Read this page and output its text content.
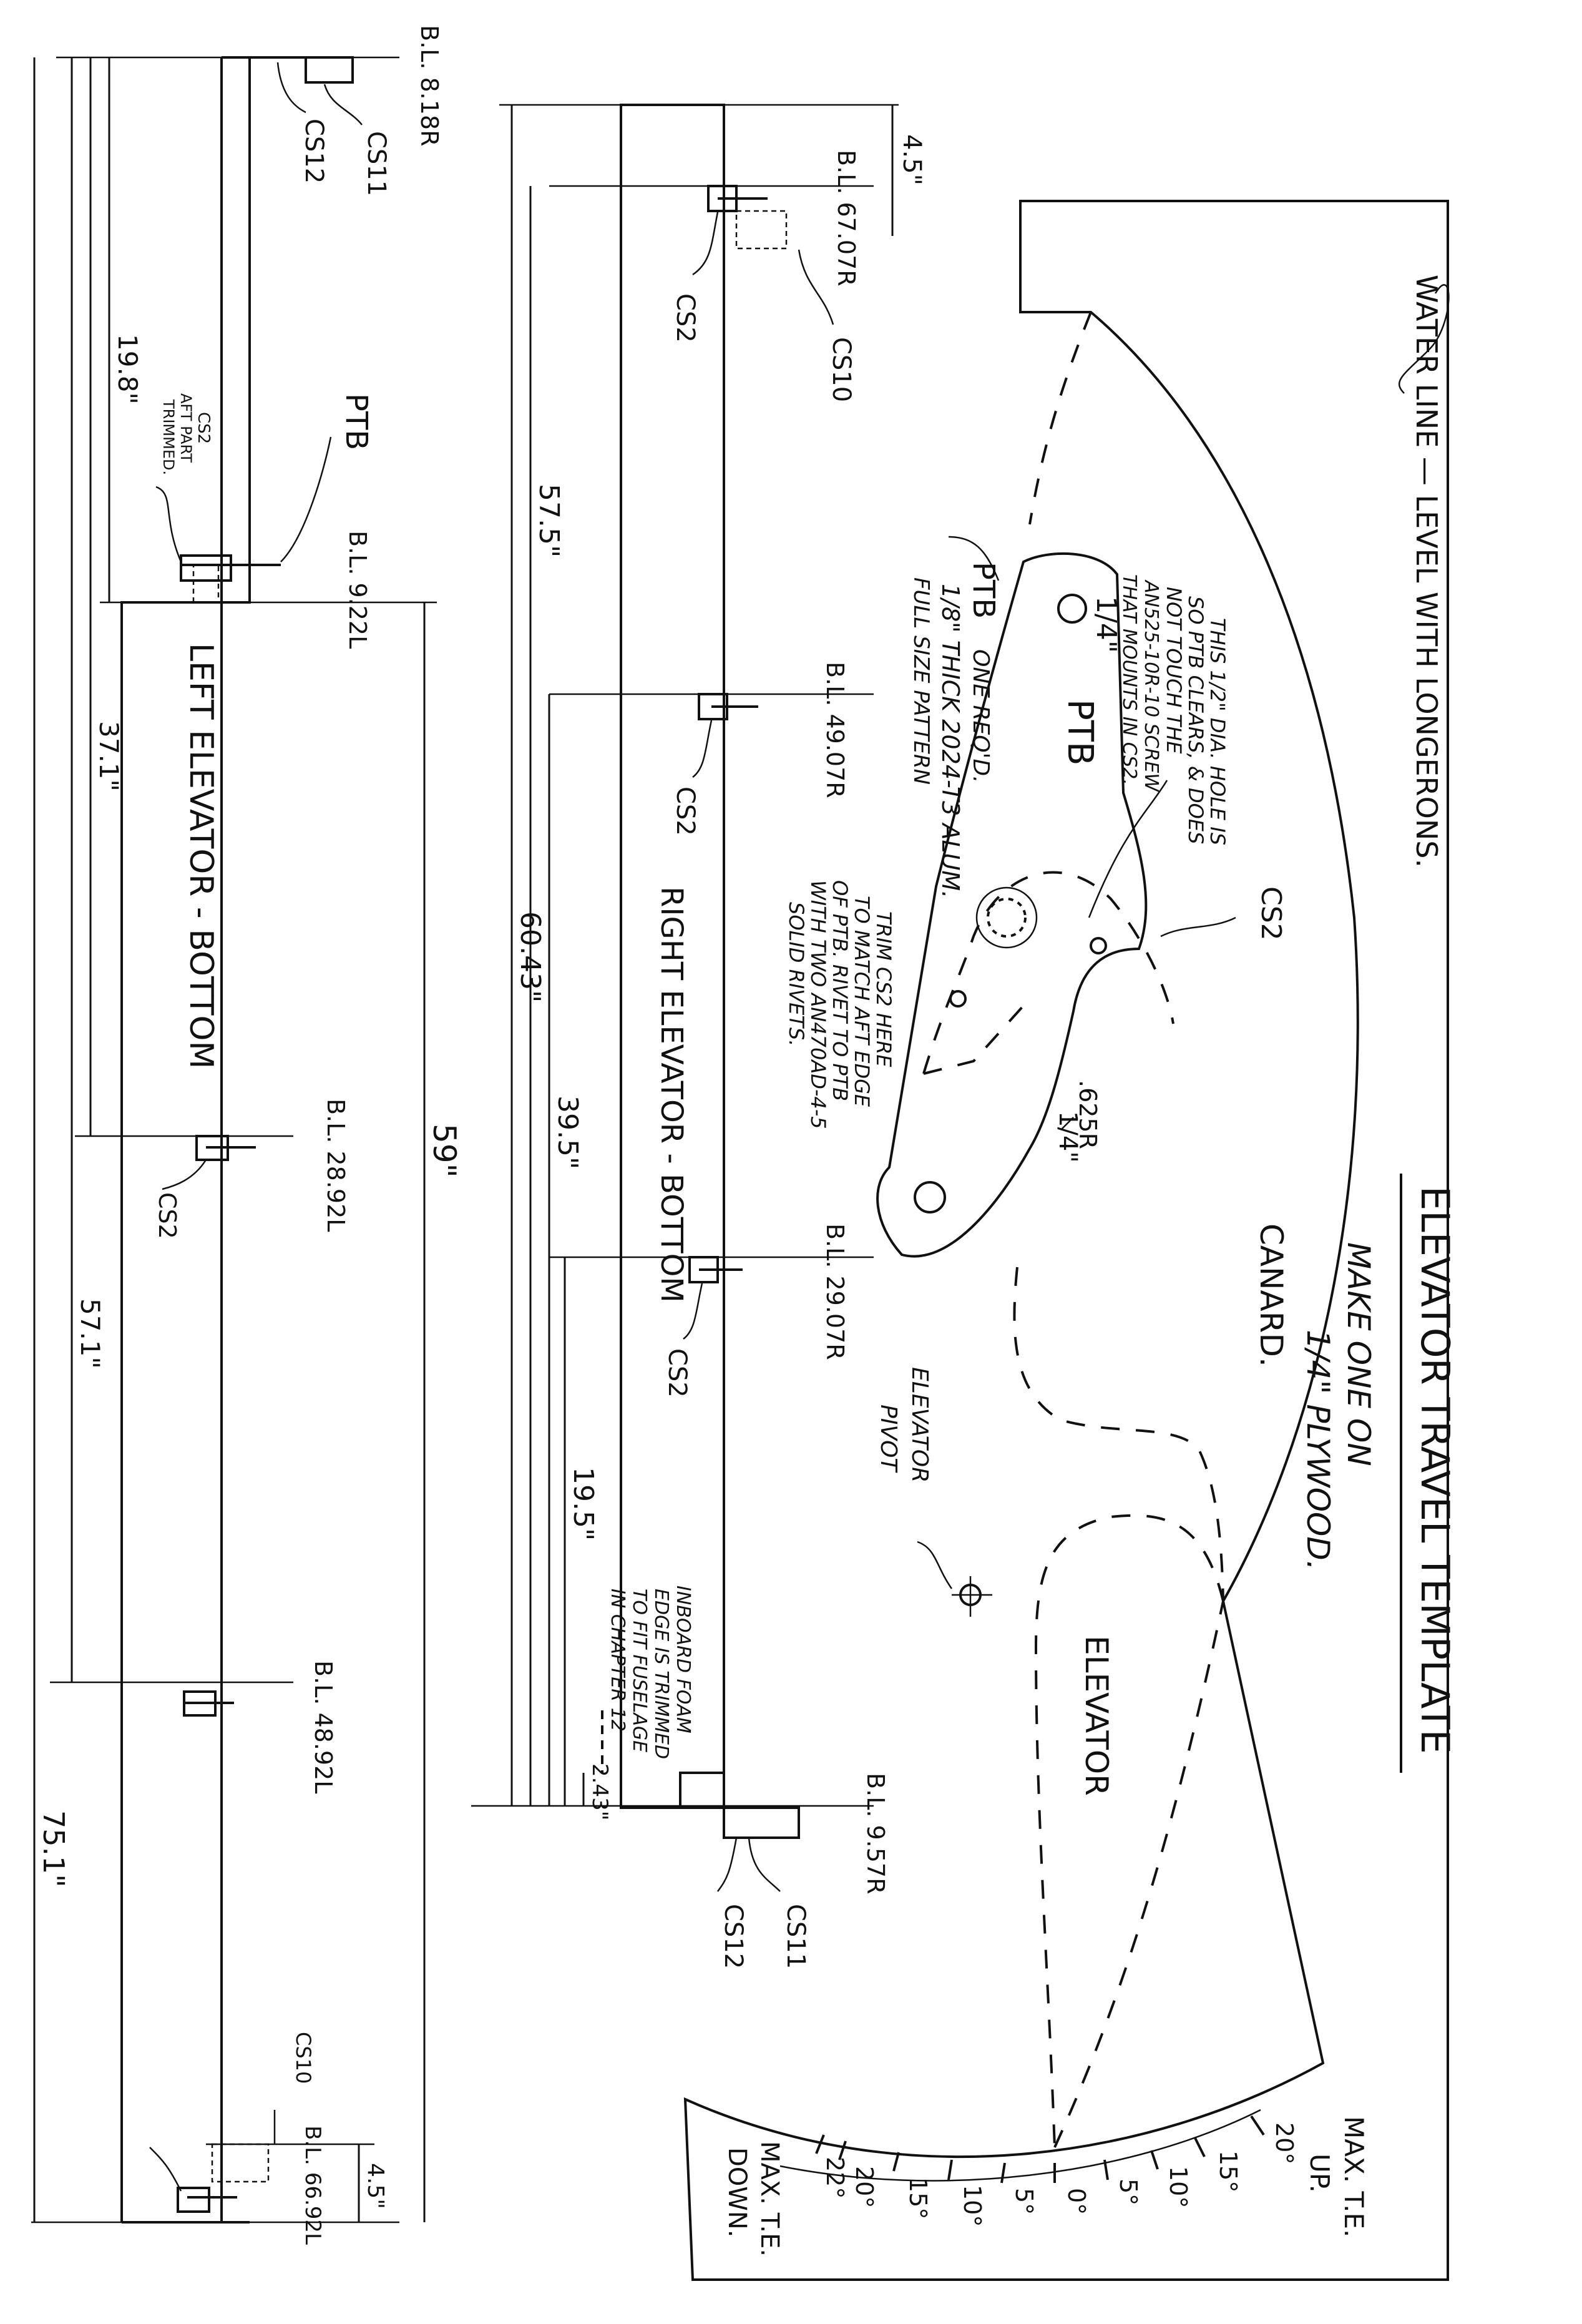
WATER LINE — LEVEL WITH LONGERONS.
ELEVATOR TRAVEL TEMPLATE
MAKE ONE ON
1/4" PLYWOOD.
CANARD.
ELEVATOR
ELEVATOR
PIVOT
MAX. T.E.
UP.
MAX. T.E.
DOWN.
20°
15°
10°
5°
0°
5°
10°
15°
20°
22°
1/4"
PTB
1/4"
.625R
PTB
ONE REQ'D.
1/8" THICK 2024-T3 ALUM.
FULL SIZE PATTERN	THIS 1/2" DIA. HOLE IS
SO PTB CLEARS, & DOES
NOT TOUCH THE
AN525-10R-10 SCREW
THAT MOUNTS IN CS2.
CS2
TRIM CS2 HERE
TO MATCH AFT EDGE
OF PTB. RIVET TO PTB
WITH TWO AN470AD-4-5
SOLID RIVETS.
B.L. 67.07R
B.L. 49.07R
B.L. 29.07R
B.L. 9.57R
CS2
CS10
CS2
CS2
CS11
CS12
RIGHT ELEVATOR - BOTTOM
4.5"
57.5"
60.43"
39.5"
19.5"
2.43"
INBOARD FOAM
EDGE IS TRIMMED
TO FIT FUSELAGE
IN CHAPTER 12
B.L. 8.18R
B.L. 9.22L
B.L. 28.92L
B.L. 48.92L
B.L. 66.92L
CS11
CS12
PTB
CS2
CS10
CS2
AFT PART
TRIMMED.
LEFT ELEVATOR - BOTTOM
19.8"
37.1"
57.1"
75.1"
59"
4.5"
